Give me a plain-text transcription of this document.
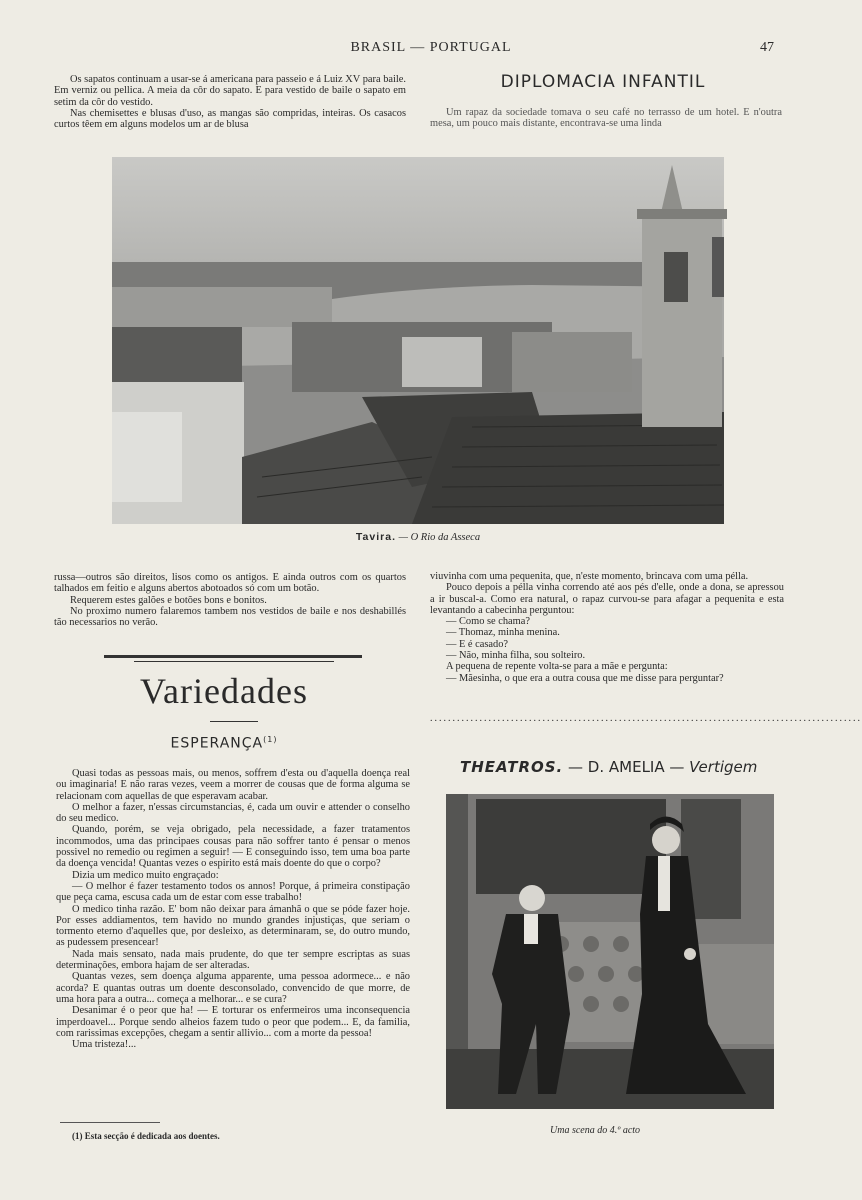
BRASIL — PORTUGAL	47

Os sapatos continuam a usar-se á americana para passeio e á Luiz XV para baile. Em verniz ou pellica. A meia da côr do sapato. E para vestido de baile o sapato em setim da côr do vestido.

Nas chemisettes e blusas d'uso, as mangas são compridas, inteiras. Os casacos curtos têem em alguns modelos um ar de blusa

DIPLOMACIA INFANTIL

Um rapaz da sociedade tomava o seu café no terrasso de um hotel. E n'outra mesa, um pouco mais distante, encontrava-se uma linda

Tavira. — O Rio da Asseca

russa—outros são direitos, lisos como os antigos. E ainda outros com os quartos talhados em feitio e alguns abertos abotoados só com um botão.

Requerem estes galões e botões bons e bonitos.

No proximo numero falaremos tambem nos vestidos de baile e nos deshabillés tão necessarios no verão.

viuvinha com uma pequenita, que, n'este momento, brincava com uma pélla.

Pouco depois a pélla vinha correndo até aos pés d'elle, onde a dona, se apressou a ir buscal-a. Como era natural, o rapaz curvou-se para afagar a pequenita e esta levantando a cabecinha perguntou:

— Como se chama?

— Thomaz, minha menina.

— E é casado?

— Não, minha filha, sou solteiro.

A pequena de repente volta-se para a mãe e pergunta:

— Mãesinha, o que era a outra cousa que me disse para perguntar?

................................................................................................
Variedades
ESPERANÇA$^{(1)}$

Quasi todas as pessoas mais, ou menos, soffrem d'esta ou d'aquella doença real ou imaginaria! E não raras vezes, veem a morrer de cousas que de forma alguma se relacionam com aquellas de que esperavam acabar.

O melhor a fazer, n'essas circumstancias, é, cada um ouvir e attender o conselho do seu medico.

Quando, porém, se veja obrigado, pela necessidade, a fazer tratamentos incommodos, uma das principaes cousas para não soffrer tanto é pensar o menos possivel no remedio ou regimen a seguir! — E conseguindo isso, tem uma boa parte da doença vencida! Quantas vezes o espirito está mais doente do que o corpo?

Dizia um medico muito engraçado:

— O melhor é fazer testamento todos os annos! Porque, á primeira constipação que peça cama, escusa cada um de estar com esse trabalho!

O medico tinha razão. E' bom não deixar para ámanhã o que se póde fazer hoje. Por esses addiamentos, tem havido no mundo grandes injustiças, que seriam o tormento eterno d'aquelles que, por desleixo, as determinaram, se, do outro mundo, as pudessem presencear!

Nada mais sensato, nada mais prudente, do que ter sempre escriptas as suas determinações, embora hajam de ser alteradas.

Quantas vezes, sem doença alguma apparente, uma pessoa adormece... e não acorda? E quantas outras um doente desconsolado, convencido de que morre, de uma hora para a outra... começa a melhorar... e se cura?

Desanimar é o peor que ha! — E torturar os enfermeiros uma inconsequencia imperdoavel... Porque sendo alheios fazem tudo o peor que podem... E, da familia, com rarissimas excepções, chegam a sentir allivio... com a morte da pessoa!

Uma tristeza!...

(1) Esta secção é dedicada aos doentes.
THEATROS. — D. AMELIA — Vertigem
Uma scena do 4.º acto
